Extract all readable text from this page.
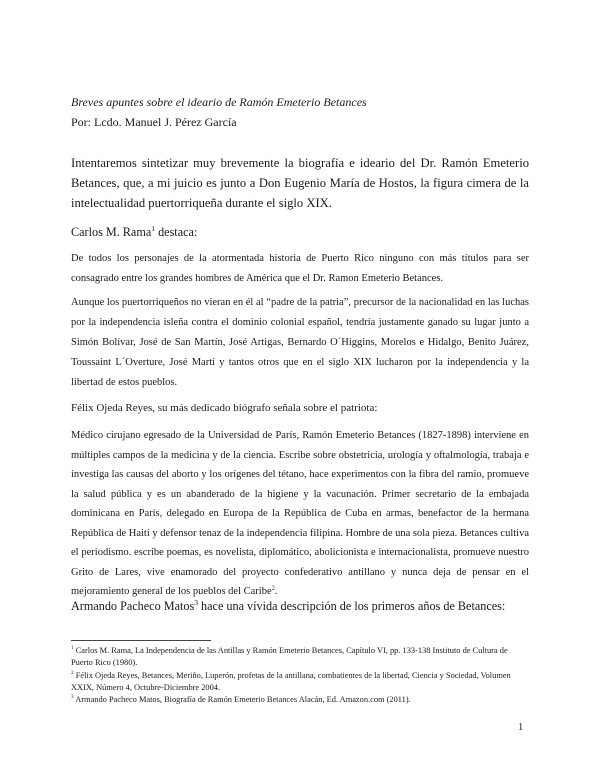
Breves apuntes sobre el ideario de Ramón Emeterio Betances

Por: Lcdo. Manuel J. Pérez García

Intentaremos sintetizar muy brevemente la biografía e ideario del Dr. Ramón Emeterio Betances, que, a mi juicio es junto a Don Eugenio María de Hostos, la figura cimera de la intelectualidad puertorriqueña durante el siglo XIX.

Carlos M. Rama$^1$ destaca:

De todos los personajes de la atormentada historia de Puerto Rico ninguno con más títulos para ser consagrado entre los grandes hombres de América que el Dr. Ramon Emeterio Betances.

Aunque los puertorriqueños no vieran en él al “padre de la patria”, precursor de la nacionalidad en las luchas por la independencia isleña contra el dominio colonial español, tendría justamente ganado su lugar junto a Simón Bolívar, José de San Martín, José Artigas, Bernardo O´Higgins, Morelos e Hidalgo, Benito Juárez, Toussaint L´Overture, José Martí y tantos otros que en el siglo XIX lucharon por la independencia y la libertad de estos pueblos.

Félix Ojeda Reyes, su más dedicado biógrafo señala sobre el patriota:

Médico cirujano egresado de la Universidad de París, Ramón Emeterio Betances (1827-1898) interviene en múltiples campos de la medicina y de la ciencia. Escribe sobre obstetricia, urología y oftalmología, trabaja e investiga las causas del aborto y los orígenes del tétano, hace experimentos con la fibra del ramio, promueve la salud pública y es un abanderado de la higiene y la vacunación. Primer secretario de la embajada dominicana en París, delegado en Europa de la República de Cuba en armas, benefactor de la hermana República de Haití y defensor tenaz de la independencia filipina. Hombre de una sola pieza. Betances cultiva el periodismo. escribe poemas, es novelista, diplomático, abolicionista e internacionalista, promueve nuestro Grito de Lares, vive enamorado del proyecto confederativo antillano y nunca deja de pensar en el mejoramiento general de los pueblos del Caribe$^2$.

Armando Pacheco Matos$^3$ hace una vívida descripción de los primeros años de Betances:

$^1$ Carlos M. Rama, La Independencia de las Antillas y Ramón Emeterio Betances, Capítulo VI, pp. 133-138 Instituto de Cultura de Puerto Rico (1980).

$^2$ Félix Ojeda Reyes, Betances, Meriño, Luperón, profetas de la antillana, combatientes de la libertad, Ciencia y Sociedad, Volumen XXIX, Número 4, Octubre-Diciembre 2004.

$^3$ Armando Pacheco Matos, Biografía de Ramón Emeterio Betances Alacán, Ed. Amazon.com (2011).

1
